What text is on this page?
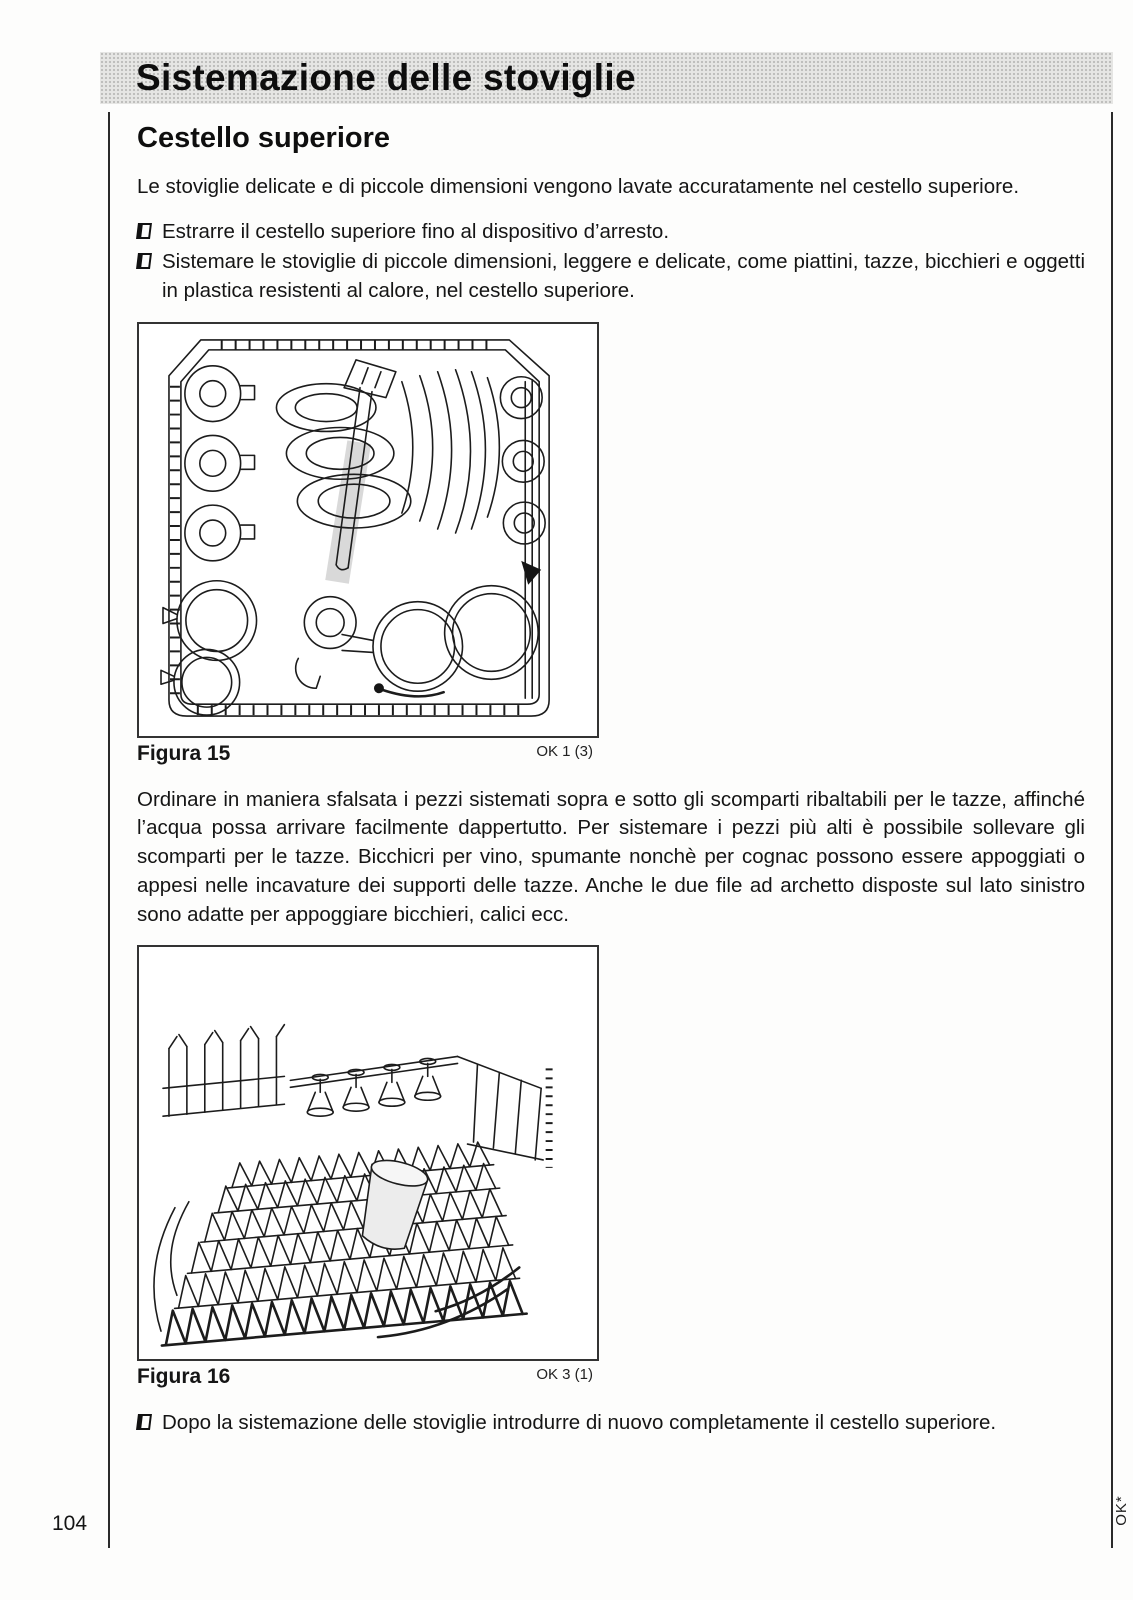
Sistemazione delle stoviglie
Cestello superiore

Le stoviglie delicate e di piccole dimensioni vengono lavate accuratamente nel cestello superiore.

Estrarre il cestello superiore fino al dispositivo d’arresto.
Sistemare le stoviglie di piccole dimensioni, leggere e delicate, come piattini, tazze, bicchieri e oggetti in plastica resistenti al calore, nel cestello superiore.
Figura 15	OK 1 (3)

Ordinare in maniera sfalsata i pezzi sistemati sopra e sotto gli scomparti ribaltabili per le tazze, affinché l’acqua possa arrivare facilmente dappertutto. Per sistemare i pezzi più alti è possibile sollevare gli scomparti per le tazze. Bicchicri per vino, spumante nonchè per cognac possono essere appoggiati o appesi nelle incavature dei supporti delle tazze. Anche le due file ad archetto disposte sul lato sinistro sono adatte per appoggiare bicchieri, calici ecc.

Figura 16	OK 3 (1)
Dopo la sistemazione delle stoviglie introdurre di nuovo completamente il cestello superiore.
104	OK*
